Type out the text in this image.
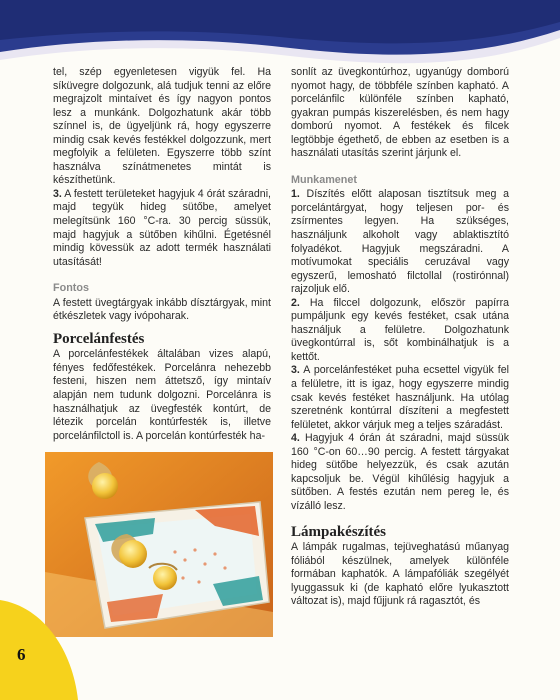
tel, szép egyenletesen vigyük fel. Ha síküvegre dolgozunk, alá tudjuk tenni az előre megrajzolt mintaívet és így nagyon pontos lesz a munkánk. Dolgozhatunk akár több színnel is, de ügyeljünk rá, hogy egyszerre mindig csak kevés festékkel dolgozzunk, mert megfolyik a felületen. Egyszerre több színt használva színátmenetes mintát is készíthetünk.

3. A festett területeket hagyjuk 4 órát száradni, majd tegyük hideg sütőbe, amelyet melegítsünk 160 °C-ra. 30 percig süssük, majd hagyjuk a sütőben kihűlni. Égetésnél mindig kövessük az adott termék használati utasítását!

Fontos

A festett üvegtárgyak inkább dísztárgyak, mint étkészletek vagy ivópoharak.

Porcelánfestés

A porcelánfestékek általában vizes alapú, fényes fedőfestékek. Porcelánra nehezebb festeni, hiszen nem áttetsző, így mintaív alapján nem tudunk dolgozni. Porcelánra is használhatjuk az üvegfesték kontúrt, de létezik porcelán kontúrfesték is, illetve porcelánfilctoll is. A porcelán kontúrfesték ha-

sonlít az üvegkontúrhoz, ugyanúgy domború nyomot hagy, de többféle színben kapható. A porcelánfilc különféle színben kapható, gyakran pumpás kiszerelésben, és nem hagy domború nyomot. A festékek és filcek legtöbbje égethető, de ebben az esetben is a használati utasítás szerint járjunk el.

Munkamenet

1. Díszítés előtt alaposan tisztítsuk meg a porcelántárgyat, hogy teljesen por- és zsírmentes legyen. Ha szükséges, használjunk alkoholt vagy ablaktisztító folyadékot. Hagyjuk megszáradni. A motívumokat speciális ceruzával vagy egyszerű, lemosható filctollal (rostirónnal) rajzoljuk elő.

2. Ha filccel dolgozunk, először papírra pumpáljunk egy kevés festéket, csak utána használjuk a felületre. Dolgozhatunk üvegkontúrral is, sőt kombinálhatjuk is a kettőt.

3. A porcelánfestéket puha ecsettel vigyük fel a felületre, itt is igaz, hogy egyszerre mindig csak kevés festéket használjunk. Ha utólag szeretnénk kontúrral díszíteni a megfestett felületet, akkor várjuk meg a teljes száradást.

4. Hagyjuk 4 órán át száradni, majd süssük 160 °C-on 60…90 percig. A festett tárgyakat hideg sütőbe helyezzük, és csak azután kapcsoljuk be. Végül kihűlésig hagyjuk a sütőben. A festés ezután nem pereg le, és vízálló lesz.

Lámpakészítés

A lámpák rugalmas, tejüveghatású műanyag fóliából készülnek, amelyek különféle formában kaphatók. A lámpafóliák szegélyét lyuggassuk ki (de kapható előre lyukasztott változat is), majd fűjjunk rá ragasztót, és

6
